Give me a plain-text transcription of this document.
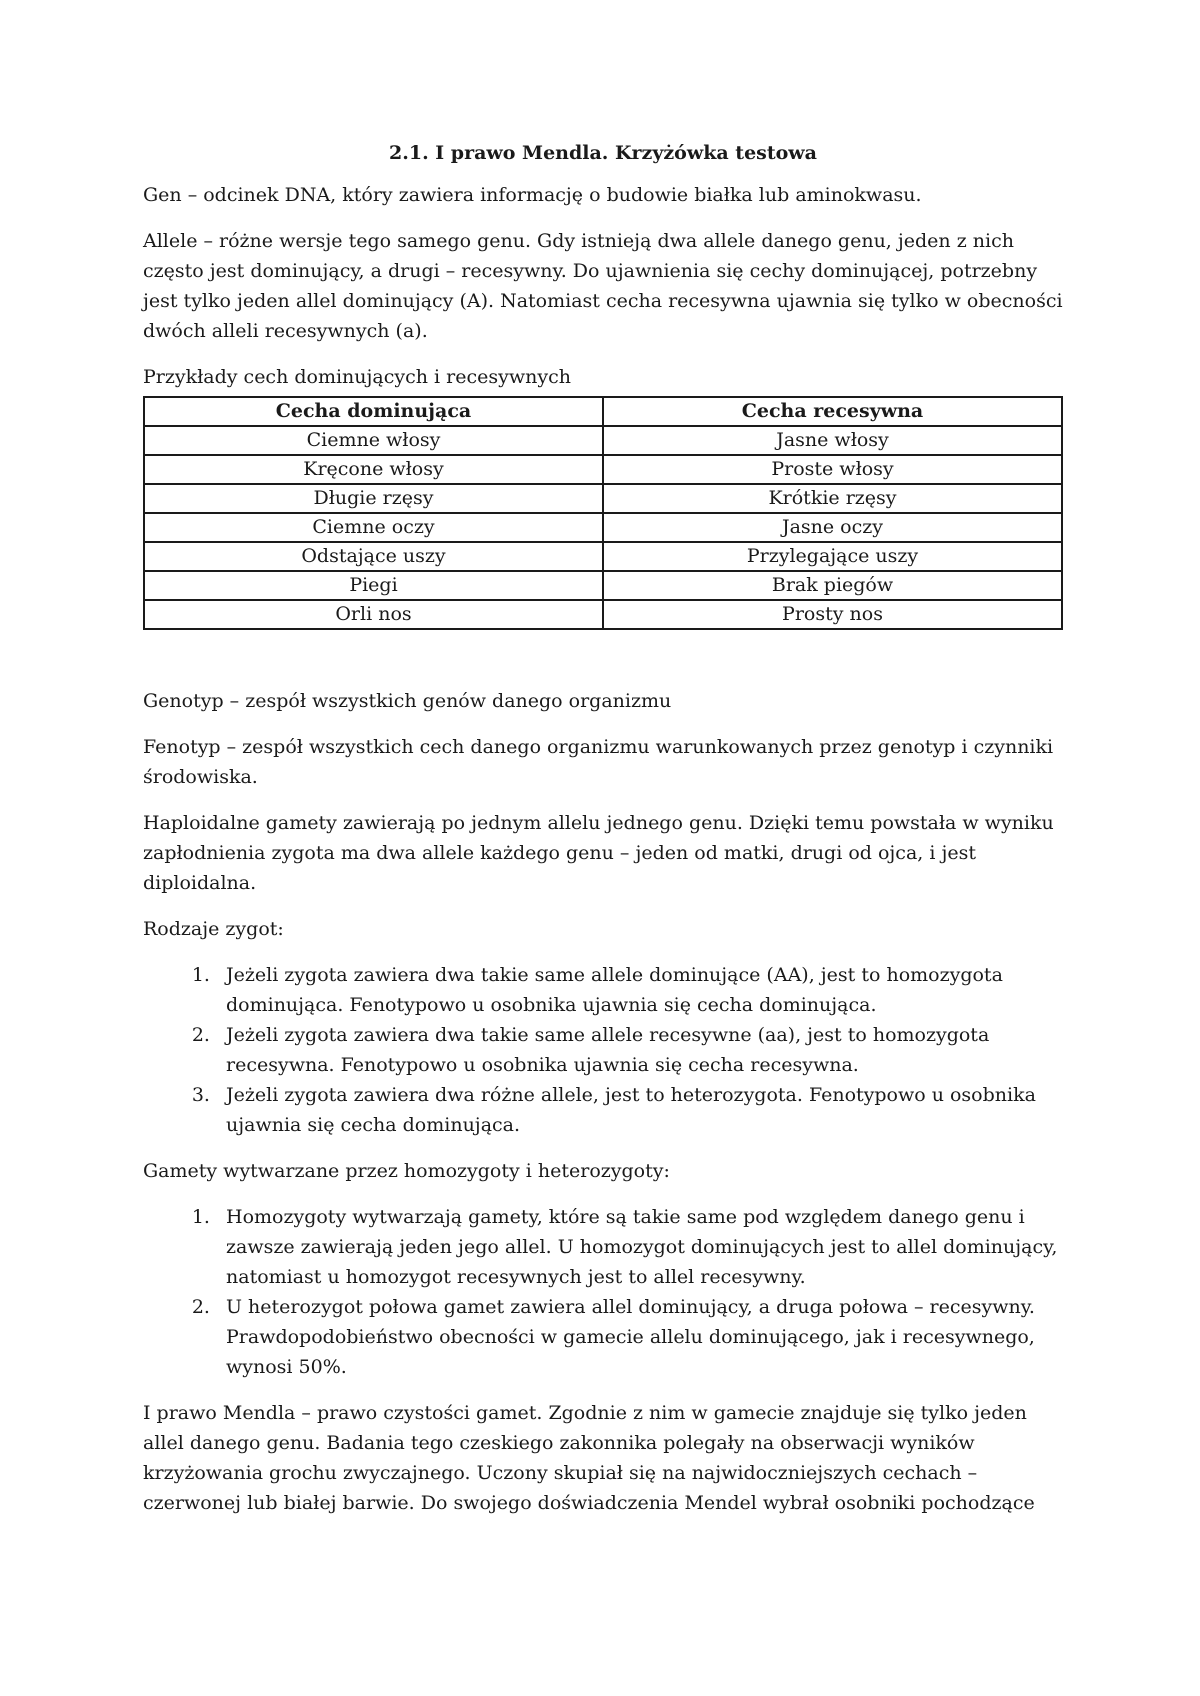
2.1. I prawo Mendla. Krzyżówka testowa

Gen – odcinek DNA, który zawiera informację o budowie białka lub aminokwasu.

Allele – różne wersje tego samego genu. Gdy istnieją dwa allele danego genu, jeden z nich często jest dominujący, a drugi – recesywny. Do ujawnienia się cechy dominującej, potrzebny jest tylko jeden allel dominujący (A). Natomiast cecha recesywna ujawnia się tylko w obecności dwóch alleli recesywnych (a).

Przykłady cech dominujących i recesywnych

Cecha dominująca	Cecha recesywna
Ciemne włosy	Jasne włosy
Kręcone włosy	Proste włosy
Długie rzęsy	Krótkie rzęsy
Ciemne oczy	Jasne oczy
Odstające uszy	Przylegające uszy
Piegi	Brak piegów
Orli nos	Prosty nos

Genotyp – zespół wszystkich genów danego organizmu

Fenotyp – zespół wszystkich cech danego organizmu warunkowanych przez genotyp i czynniki środowiska.

Haploidalne gamety zawierają po jednym allelu jednego genu. Dzięki temu powstała w wyniku zapłodnienia zygota ma dwa allele każdego genu – jeden od matki, drugi od ojca, i jest diploidalna.

Rodzaje zygot:

1. Jeżeli zygota zawiera dwa takie same allele dominujące (AA), jest to homozygota dominująca. Fenotypowo u osobnika ujawnia się cecha dominująca.
2. Jeżeli zygota zawiera dwa takie same allele recesywne (aa), jest to homozygota recesywna. Fenotypowo u osobnika ujawnia się cecha recesywna.
3. Jeżeli zygota zawiera dwa różne allele, jest to heterozygota. Fenotypowo u osobnika ujawnia się cecha dominująca.

Gamety wytwarzane przez homozygoty i heterozygoty:

1. Homozygoty wytwarzają gamety, które są takie same pod względem danego genu i zawsze zawierają jeden jego allel. U homozygot dominujących jest to allel dominujący, natomiast u homozygot recesywnych jest to allel recesywny.
2. U heterozygot połowa gamet zawiera allel dominujący, a druga połowa – recesywny. Prawdopodobieństwo obecności w gamecie allelu dominującego, jak i recesywnego, wynosi 50%.

I prawo Mendla – prawo czystości gamet. Zgodnie z nim w gamecie znajduje się tylko jeden allel danego genu. Badania tego czeskiego zakonnika polegały na obserwacji wyników krzyżowania grochu zwyczajnego. Uczony skupiał się na najwidoczniejszych cechach – czerwonej lub białej barwie. Do swojego doświadczenia Mendel wybrał osobniki pochodzące
